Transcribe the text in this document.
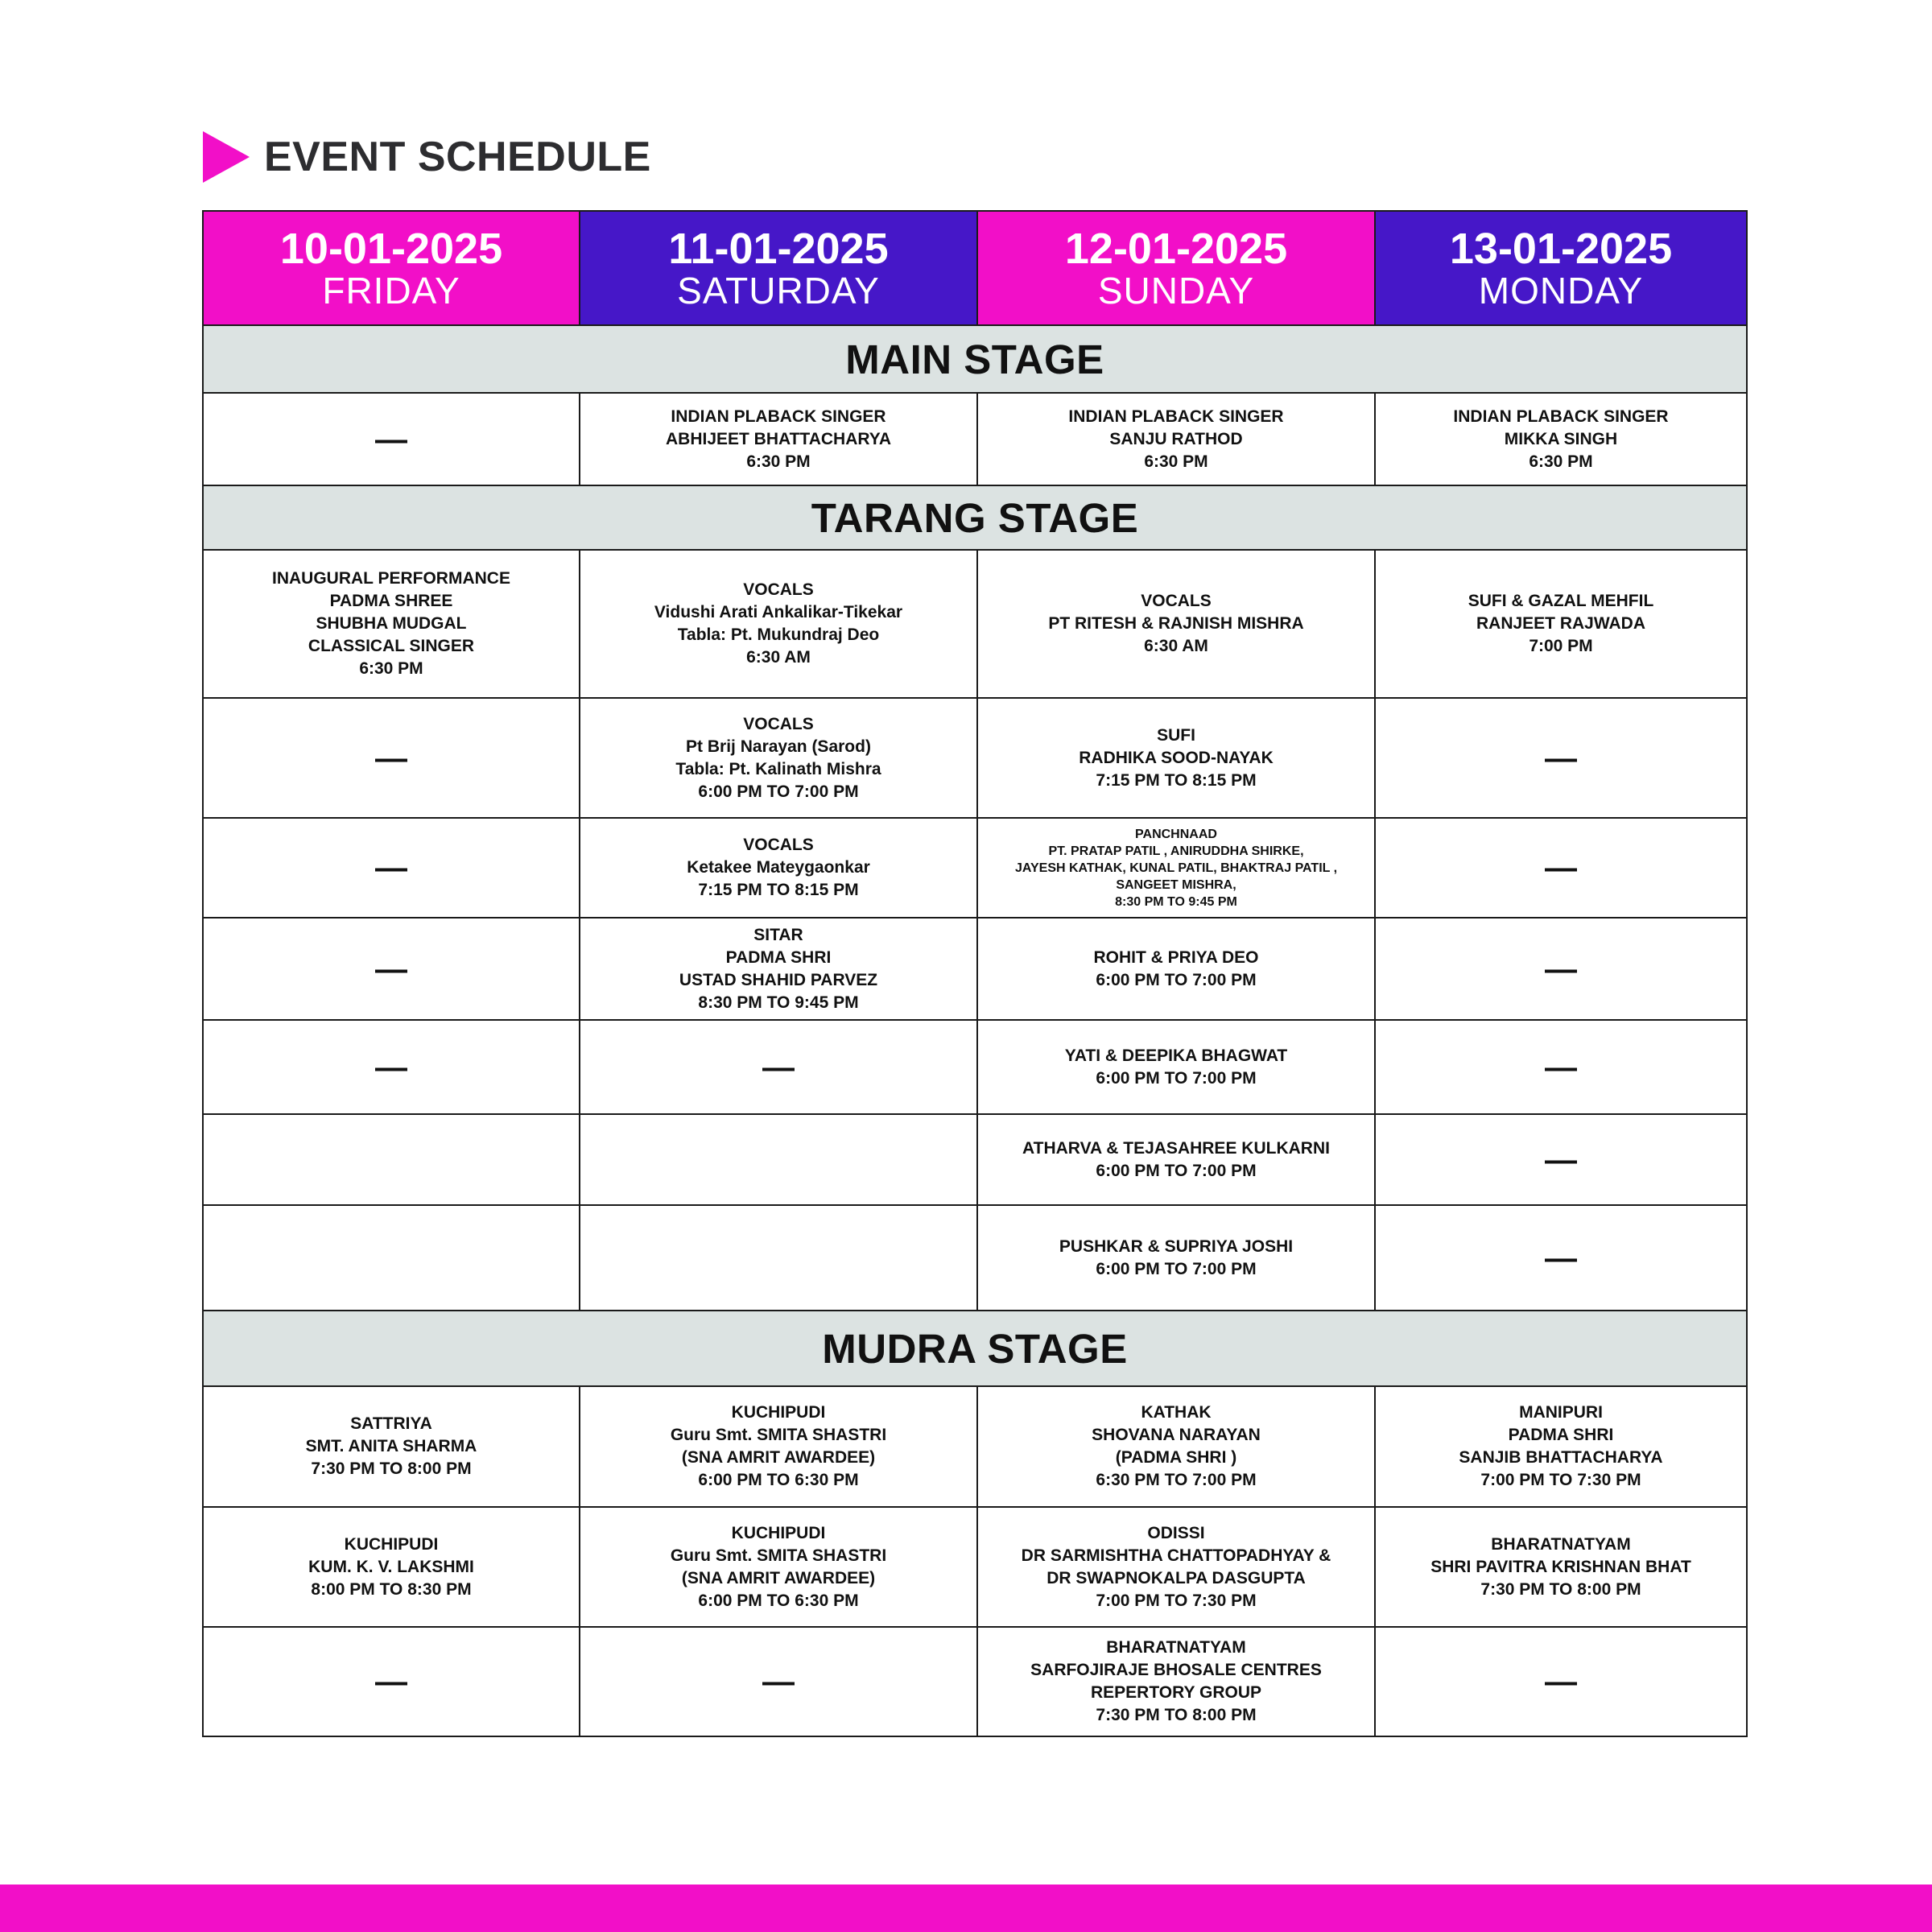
EVENT SCHEDULE
10-01-2025
FRIDAY	11-01-2025
SATURDAY	12-01-2025
SUNDAY	13-01-2025
MONDAY

MAIN STAGE			
—	INDIAN PLABACK SINGER
ABHIJEET BHATTACHARYA
6:30 PM	INDIAN PLABACK SINGER
SANJU RATHOD
6:30 PM	INDIAN PLABACK SINGER
MIKKA SINGH
6:30 PM

TARANG STAGE			

INAUGURAL PERFORMANCE
PADMA SHREE
SHUBHA MUDGAL
CLASSICAL SINGER
6:30 PM	VOCALS
Vidushi Arati Ankalikar-Tikekar
Tabla: Pt. Mukundraj Deo
6:30 AM	VOCALS
PT RITESH & RAJNISH MISHRA
6:30 AM	SUFI & GAZAL MEHFIL
RANJEET RAJWADA
7:00 PM

—	VOCALS
Pt Brij Narayan (Sarod)
Tabla: Pt. Kalinath Mishra
6:00 PM TO 7:00 PM	SUFI
RADHIKA SOOD-NAYAK
7:15 PM TO 8:15 PM	—
—	VOCALS
Ketakee Mateygaonkar
7:15 PM TO 8:15 PM	PANCHNAAD
PT. PRATAP PATIL , ANIRUDDHA SHIRKE,
JAYESH KATHAK, KUNAL PATIL, BHAKTRAJ PATIL ,
SANGEET MISHRA,
8:30 PM TO 9:45 PM	—
—	SITAR
PADMA SHRI
USTAD SHAHID PARVEZ
8:30 PM TO 9:45 PM	ROHIT & PRIYA DEO
6:00 PM TO 7:00 PM	—
—	—	YATI & DEEPIKA BHAGWAT
6:00 PM TO 7:00 PM	—

		ATHARVA & TEJASAHREE KULKARNI
6:00 PM TO 7:00 PM	—

		PUSHKAR & SUPRIYA JOSHI
6:00 PM TO 7:00 PM	—
MUDRA STAGE			

SATTRIYA
SMT. ANITA SHARMA
7:30 PM TO 8:00 PM	KUCHIPUDI
Guru Smt. SMITA SHASTRI
(SNA AMRIT AWARDEE)
6:00 PM TO 6:30 PM	KATHAK
SHOVANA NARAYAN
(PADMA SHRI )
6:30 PM TO 7:00 PM	MANIPURI
PADMA SHRI
SANJIB BHATTACHARYA
7:00 PM TO 7:30 PM

KUCHIPUDI
KUM. K. V. LAKSHMI
8:00 PM TO 8:30 PM	KUCHIPUDI
Guru Smt. SMITA SHASTRI
(SNA AMRIT AWARDEE)
6:00 PM TO 6:30 PM	ODISSI
DR SARMISHTHA CHATTOPADHYAY &
DR SWAPNOKALPA DASGUPTA
7:00 PM TO 7:30 PM	BHARATNATYAM
SHRI PAVITRA KRISHNAN BHAT
7:30 PM TO 8:00 PM

—	—	BHARATNATYAM
SARFOJIRAJE BHOSALE CENTRES
REPERTORY GROUP
7:30 PM TO 8:00 PM	—
